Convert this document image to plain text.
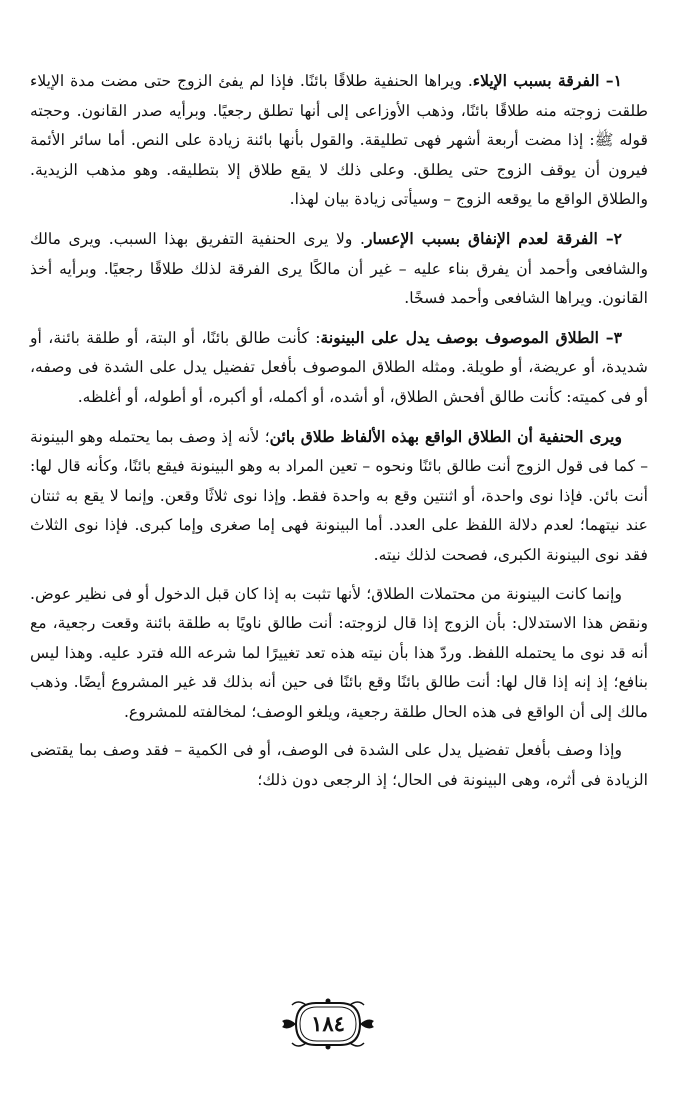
١– الفرقة بسبب الإيلاء. ويراها الحنفية طلاقًا بائنًا. فإذا لم يفئ الزوج حتى مضت مدة الإيلاء طلقت زوجته منه طلاقًا بائنًا، وذهب الأوزاعى إلى أنها تطلق رجعيًا. وبرأيه صدر القانون. وحجته قوله ﷺ: إذا مضت أربعة أشهر فهى تطليقة. والقول بأنها بائنة زيادة على النص. أما سائر الأئمة فيرون أن يوقف الزوج حتى يطلق. وعلى ذلك لا يقع طلاق إلا بتطليقه. وهو مذهب الزيدية. والطلاق الواقع ما يوقعه الزوج – وسيأتى زيادة بيان لهذا.

٢– الفرقة لعدم الإنفاق بسبب الإعسار. ولا يرى الحنفية التفريق بهذا السبب. ويرى مالك والشافعى وأحمد أن يفرق بناء عليه – غير أن مالكًا يرى الفرقة لذلك طلاقًا رجعيًا. وبرأيه أخذ القانون. ويراها الشافعى وأحمد فسخًا.

٣– الطلاق الموصوف بوصف يدل على البينونة: كأنت طالق بائنًا، أو البتة، أو طلقة بائنة، أو شديدة، أو عريضة، أو طويلة. ومثله الطلاق الموصوف بأفعل تفضيل يدل على الشدة فى وصفه، أو فى كميته: كأنت طالق أفحش الطلاق، أو أشده، أو أكمله، أو أكبره، أو أطوله، أو أغلظه.

ويرى الحنفية أن الطلاق الواقع بهذه الألفاظ طلاق بائن؛ لأنه إذ وصف بما يحتمله وهو البينونة – كما فى قول الزوج أنت طالق بائنًا ونحوه – تعين المراد به وهو البينونة فيقع بائنًا، وكأنه قال لها: أنت بائن. فإذا نوى واحدة، أو اثنتين وقع به واحدة فقط. وإذا نوى ثلاثًا وقعن. وإنما لا يقع به ثنتان عند نيتهما؛ لعدم دلالة اللفظ على العدد. أما البينونة فهى إما صغرى وإما كبرى. فإذا نوى الثلاث فقد نوى البينونة الكبرى، فصحت لذلك نيته.

وإنما كانت البينونة من محتملات الطلاق؛ لأنها تثبت به إذا كان قبل الدخول أو فى نظير عوض. ونقض هذا الاستدلال: بأن الزوج إذا قال لزوجته: أنت طالق ناويًا به طلقة بائنة وقعت رجعية، مع أنه قد نوى ما يحتمله اللفظ. وردّ هذا بأن نيته هذه تعد تغييرًا لما شرعه الله فترد عليه. وهذا ليس بنافع؛ إذ إنه إذا قال لها: أنت طالق بائنًا وقع بائنًا فى حين أنه بذلك قد غير المشروع أيضًا. وذهب مالك إلى أن الواقع فى هذه الحال طلقة رجعية، ويلغو الوصف؛ لمخالفته للمشروع.

وإذا وصف بأفعل تفضيل يدل على الشدة فى الوصف، أو فى الكمية – فقد وصف بما يقتضى الزيادة فى أثره، وهى البينونة فى الحال؛ إذ الرجعى دون ذلك؛

١٨٤
